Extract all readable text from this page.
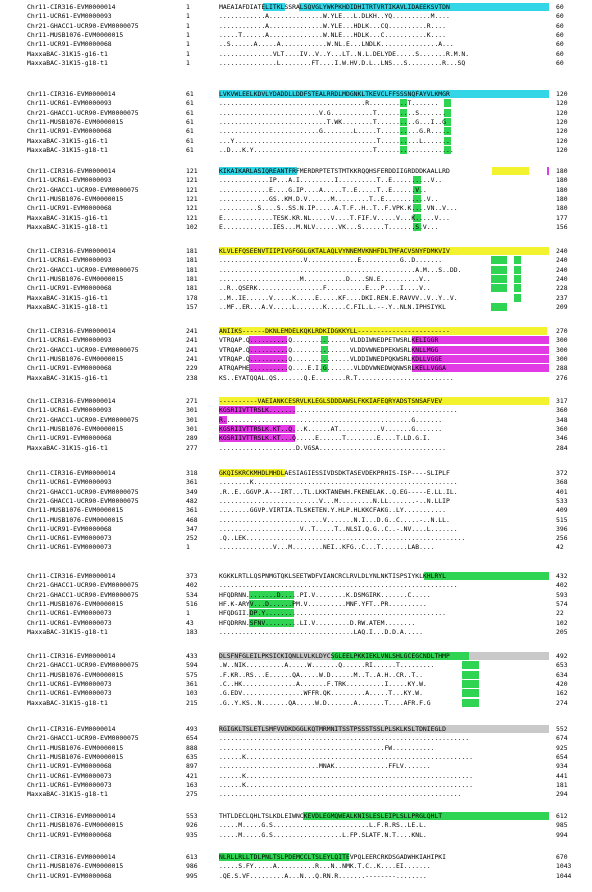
Chr11-CIR316-EVM0000014	1	MAEAIAFDIATELITKLSSRALSQVGLYWKPKHDIDHITRTVRTIKAVLIDAEEKSVTDN	60
Chr11-UCR61-EVM0000093	1	............A..............W.YLE...L.DLKH..YQ..........M....	60
Chr21-GHACC1-UCR90-EVM0000075	1	............A..............W.YLE...HDLK...CQ..........R....	60
Chr11-MUSB1076-EVM0000015	1	.....T......A..............W.NLE...HDLK...C...........K....	60
Chr11-UCR91-EVM0000068	1	..S......A.....A............W.NL.E...LNDLK...............A...	60
MaxxaBAC-31K15-g16-t1	1	..............VLT....IV..V..Y...LT..N.L.DELYDE.....S.......R.M.N.	60
MaxxaBAC-31K15-g18-t1	1	...............L........FT....I.W.HV.D.L..LNS...S.........R...SQ	60
Chr11-CIR316-EVM0000014	61	LVKVWLEELKDVLYDADDLLDDFSTEALRRDLMDGNKLTKEVCLFFSSSNQFAYVLKMGR	120
Chr11-UCR61-EVM0000093	61	......................................R..........T.......	120
Chr21-GHACC1-UCR90-EVM0000075	61	..........................V.G...........T..........S.......	120
Chr11-MUSB1076-EVM0000015	61	............................T.WK........T..........G...I..G	120
Chr11-UCR91-EVM0000068	61	..........................G........L.....T..........G.R.....	120
MaxxaBAC-31K15-g16-t1	61	...Y.....................................T..........L.......	120
MaxxaBAC-31K15-g18-t1	61	..D...K.Y...............................T....................	120
Chr11-CIR316-EVM0000014	121	KIKAIKARLASIQREANTFRFMERDRPTETSTMTKKRQQHSFERDDIIGRDDDKAALLRD	180
Chr11-UCR61-EVM0000093	121	.............IP...A.I.........I..........T..E..........V..	180
Chr21-GHACC1-UCR90-EVM0000075	121	.............E....G.IP....A.....T..E.....T..E......V..	180
Chr11-MUSB1076-EVM0000015	121	.............GS..KM.D.V......M.........T..E...........V..	180
Chr11-UCR91-EVM0000068	121	..........S....S..SS.N.IP.....A.T.F..H..T..F.VPK.K....VN..V...	180
MaxxaBAC-31K15-g16-t1	121	E.............TESK.KR.NL.....V....T.FIF.V.....V...K.....V...	177
MaxxaBAC-31K15-g18-t1	102	E.............IES...M.NLV......VK...S......T.......S.V...	156
Chr11-CIR316-EVM0000014	181	KLVLEFQSEENVTIIPIVGFGGLGKTALAQLVYNNEMVKNHFDLTMFACVSNYFDMKVIV	240
Chr11-UCR61-EVM0000093	181	......................V.............E..........G..D.......	240
Chr21-GHACC1-UCR90-EVM0000075	181	...................................................A.M...S..DD.	240
Chr11-MUSB1076-EVM0000015	181	.....................M...........D....SN.E..........V..	240
Chr11-UCR91-EVM0000068	181	..R..QSERK.................F..........E...P....I....V..	228
MaxxaBAC-31K15-g16-t1	178	..M..IE......V.....K.....E.....KF....DKI.REN.E.RAVVV..V..Y..V.	237
MaxxaBAC-31K15-g18-t1	157	..MF..ER...A.V.....L.......K.....C.FIL.L.--.Y..NLN.IPHSIYKL	209
Chr11-CIR316-EVM0000014	241	ANIIKS------DKNLEMDELKQKLRDKIDGKKYLL------------------------	270
Chr11-UCR61-EVM0000093	241	VTRQAP.Q..........Q...............VLDDIWNEDPETWSRLKELIGGR	300
Chr21-GHACC1-UCR90-EVM0000075	241	VTRQAP.Q..........Q...............VLDDVWNEDPEKWSRLKNLLMGG	300
Chr11-MUSB1076-EVM0000015	241	VTRQAP.Q..........Q...............VLDDIWNEDPQKWSRLKDLLVGGE	300
Chr11-UCR91-EVM0000068	229	ATRQAPHE..........Q....E.I.G.......VLDDVWNEDWQNWSRLKELLVGGA	288
MaxxaBAC-31K15-g16-t1	238	KS..EYATQQAL.QS.......Q.E........R.T.........................	276
Chr11-CIR316-EVM0000014	271	----------VAEIANKCESRVLKLEGLSDDDAWSLFKKIAFEQRYADSTSNSAFVEV	317
Chr11-UCR61-EVM0000093	301	KGSRIIVTTRSLK.................................................	360
Chr21-GHACC1-UCR90-EVM0000075	301	R.................................................G.......	348
Chr11-MUSB1076-EVM0000015	301	KGSRIIVTTRSLK.KT..Q...K......AT...........V.......G.......	360
Chr11-UCR91-EVM0000068	289	KGSRIIVTTRSLK.KT...Q.....E......T........E....T.LD.G.I.	346
MaxxaBAC-31K15-g16-t1	277	....................D.VGSA.................................	284
Chr11-CIR316-EVM0000014	318	GKQISKRCKMHDLMHDLAESIAGIESSIVDSDKTASEVDEKPRHIS-ISP----SLIPLF	372
Chr11-UCR61-EVM0000093	361	........K.....................................................	368
Chr21-GHACC1-UCR90-EVM0000075	349	.R..E..GGVP.A---IRT...TL.LKKTANEWH.FKENELAK..Q.EG-----E.LL.IL.	401
Chr21-GHACC1-UCR90-EVM0000075	482	..........................V...M.........N.LL.......-..N.LLIP	533
Chr11-MUSB1076-EVM0000015	361	........GGVP.VIRTIA.TLSKETEN.Y.HLP.HLKKCFAKG..LY...........	409
Chr11-MUSB1076-EVM0000015	468	...........................V.......N.I...D.G..C.....-..N.LL.	515
Chr11-UCR91-EVM0000068	347	.....................V..T.....T..NLSI.Q.G..C..-.NV....L.......	396
Chr11-UCR61-EVM0000073	252	.Q..LEK.........................................................	256
Chr11-UCR61-EVM0000073	1	..............V...M........NEI..KFG..C...T.......LAB....	42
Chr11-CIR316-EVM0000014	373	KGKKLRTLLQSPNMGTQKLSEETWDFVIANCRCLRVLDLYNLNKTISPSIYKLKHLRYL	432
Chr21-GHACC1-UCR90-EVM0000075	402	..............................................................	402
Chr21-GHACC1-UCR90-EVM0000075	534	HFQDRNN........D.....PI.V........K.DSMGIRK.......C.....	593
Chr11-MUSB1076-EVM0000015	516	HF.K-ARYV...D......PM.V..........MNF.YFT..PR..........	574
Chr11-UCR61-EVM0000073	1	HFQDGII.DP.Y...............................................	22
Chr11-UCR61-EVM0000073	43	HFQDRRN.SFNV.........LI.V.........D.RW.ATEM........	102
MaxxaBAC-31K15-g18-t1	183	...................................LAQ.I...D.D.A.....	205
Chr11-CIR316-EVM0000014	433	DLSFNFGLEILPKSICKIQNLLVLKLDYCSGLEELPKKIEKLVNLSHLGCEGCNDLTHMP	492
Chr21-GHACC1-UCR90-EVM0000075	594	.W..NIK..........A.....W.......Q......RI......T.........	653
Chr11-MUSB1076-EVM0000015	575	.F.KR..RS...E......QA.....W.D......M..T..A.H..CR..T..	634
Chr11-UCR61-EVM0000073	361	.C..HK..............A.......F.TRK..........I.....KY.W.	420
Chr11-UCR61-EVM0000073	103	.G.EDV................WFFR.QK.........A.....T...KY.W.	162
MaxxaBAC-31K15-g18-t1	215	.G..Y.KS..N.......QA.....W.D.......A.......T....AFR.F.G	274
Chr11-CIR316-EVM0000014	493	RGIGKLTSLETLSMFVVDKDGGLKQTMRMNITSSTPSSSTSSLPLSKLKSLTDNIEGLD	552
Chr21-GHACC1-UCR90-EVM0000075	654	.................................................................	674
Chr11-MUSB1076-EVM0000015	888	...........................................FW...........	925
Chr11-MUSB1076-EVM0000015	635	......K...........................................................	654
Chr11-UCR91-EVM0000068	897	..........................MNAK..............FFLV.......	934
Chr11-UCR61-EVM0000073	421	......K...........................................................	441
Chr11-UCR61-EVM0000073	163	......K...........................................................	181
MaxxaBAC-31K15-g18-t1	275	...............................................................	294
Chr11-CIR316-EVM0000014	553	THTLDECLQHLTSLKDLEIWNCKEVDLEGMQWEALKNISLESLEIPLSLLPRGLQHLT	612
Chr11-MUSB1076-EVM0000015	926	.....M.....G.S.........................L.F.R.RS..LE.L.	985
Chr11-UCR91-EVM0000068	935	.....M.....G.S..................L.FP.SLATF.N.T....KNL.	994
Chr11-CIR316-EVM0000014	613	NLRLLRLLTDLPNLTSLPDEMCCLTSLEYLQITEVPQLEERCRKDSGADWHKIAHIPKI	670
Chr11-MUSB1076-EVM0000015	986	.....S.FY.....A..........R...N..NMK.T.C..K....EI.......	1043
Chr11-UCR91-EVM0000068	995	.QE.S.VF.........A...N...Q.RN.R.......--------........	1044
